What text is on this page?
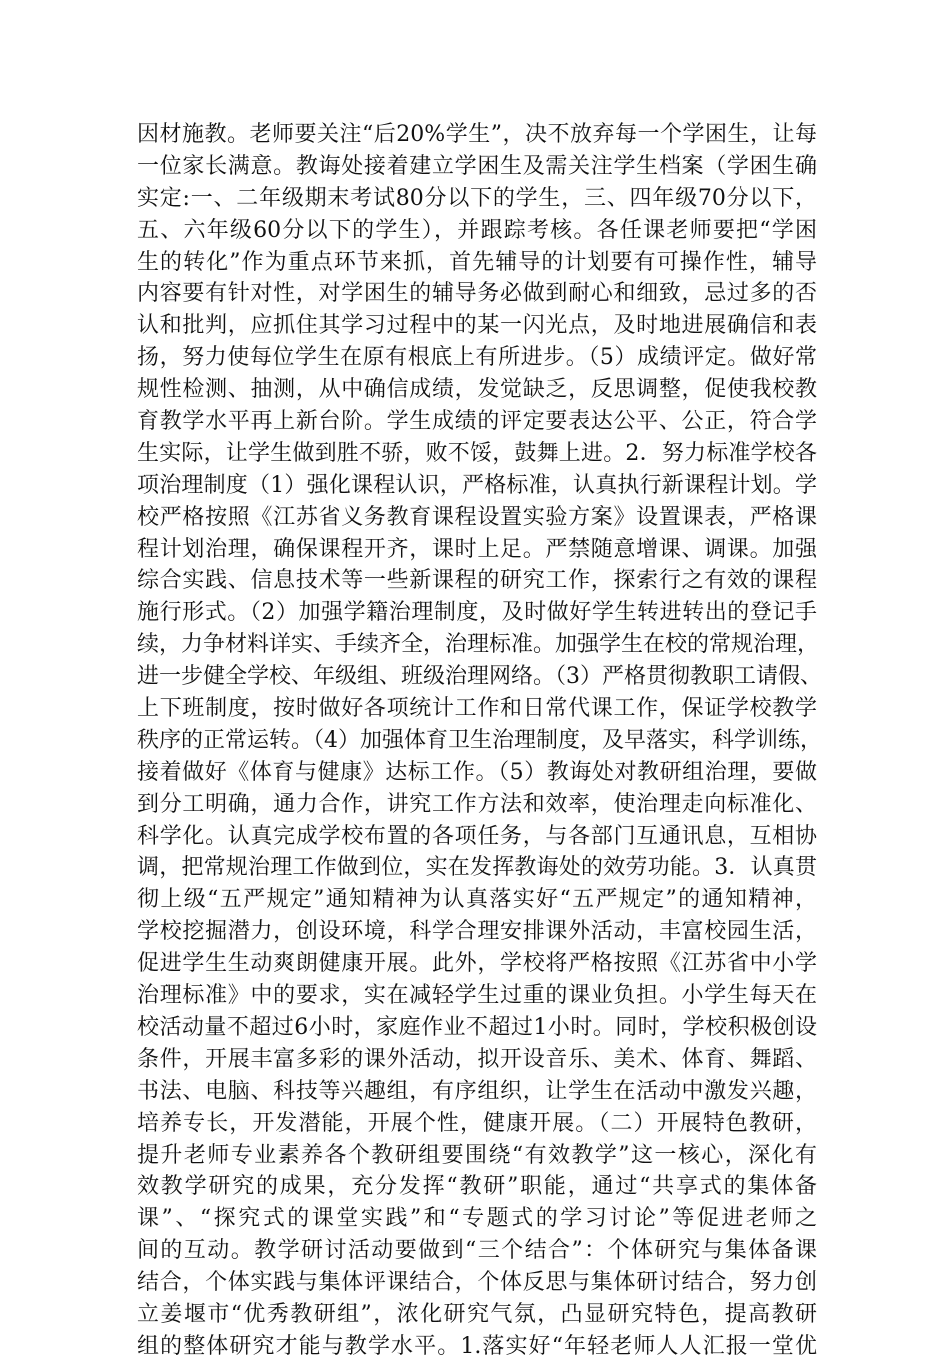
因材施教。老师要关注“后20%学生”，决不放弃每一个学困生，让每
一位家长满意。教诲处接着建立学困生及需关注学生档案（学困生确
实定:一、二年级期末考试80分以下的学生，三、四年级70分以下，
五、六年级60分以下的学生），并跟踪考核。各任课老师要把“学困
生的转化”作为重点环节来抓，首先辅导的计划要有可操作性，辅导
内容要有针对性，对学困生的辅导务必做到耐心和细致，忌过多的否
认和批判，应抓住其学习过程中的某一闪光点，及时地进展确信和表
扬，努力使每位学生在原有根底上有所进步。（5）成绩评定。做好常
规性检测、抽测，从中确信成绩，发觉缺乏，反思调整，促使我校教
育教学水平再上新台阶。学生成绩的评定要表达公平、公正，符合学
生实际，让学生做到胜不骄，败不馁，鼓舞上进。2．努力标准学校各
项治理制度（1）强化课程认识，严格标准，认真执行新课程计划。学
校严格按照《江苏省义务教育课程设置实验方案》设置课表，严格课
程计划治理，确保课程开齐，课时上足。严禁随意增课、调课。加强
综合实践、信息技术等一些新课程的研究工作，探索行之有效的课程
施行形式。（2）加强学籍治理制度，及时做好学生转进转出的登记手
续，力争材料详实、手续齐全，治理标准。加强学生在校的常规治理，
进一步健全学校、年级组、班级治理网络。（3）严格贯彻教职工请假、
上下班制度，按时做好各项统计工作和日常代课工作，保证学校教学
秩序的正常运转。（4）加强体育卫生治理制度，及早落实，科学训练，
接着做好《体育与健康》达标工作。（5）教诲处对教研组治理，要做
到分工明确，通力合作，讲究工作方法和效率，使治理走向标准化、
科学化。认真完成学校布置的各项任务，与各部门互通讯息，互相协
调，把常规治理工作做到位，实在发挥教诲处的效劳功能。3．认真贯
彻上级“五严规定”通知精神为认真落实好“五严规定”的通知精神，
学校挖掘潜力，创设环境，科学合理安排课外活动，丰富校园生活，
促进学生生动爽朗健康开展。此外，学校将严格按照《江苏省中小学
治理标准》中的要求，实在减轻学生过重的课业负担。小学生每天在
校活动量不超过6小时，家庭作业不超过1小时。同时，学校积极创设
条件，开展丰富多彩的课外活动，拟开设音乐、美术、体育、舞蹈、
书法、电脑、科技等兴趣组，有序组织，让学生在活动中激发兴趣，
培养专长，开发潜能，开展个性，健康开展。（二）开展特色教研，
提升老师专业素养各个教研组要围绕“有效教学”这一核心，深化有
效教学研究的成果，充分发挥“教研”职能，通过“共享式的集体备
课”、“探究式的课堂实践”和“专题式的学习讨论”等促进老师之
间的互动。教学研讨活动要做到“三个结合”：个体研究与集体备课
结合，个体实践与集体评课结合，个体反思与集体研讨结合，努力创
立姜堰市“优秀教研组”，浓化研究气氛，凸显研究特色，提高教研
组的整体研究才能与教学水平。1.落实好“年轻老师人人汇报一堂优
